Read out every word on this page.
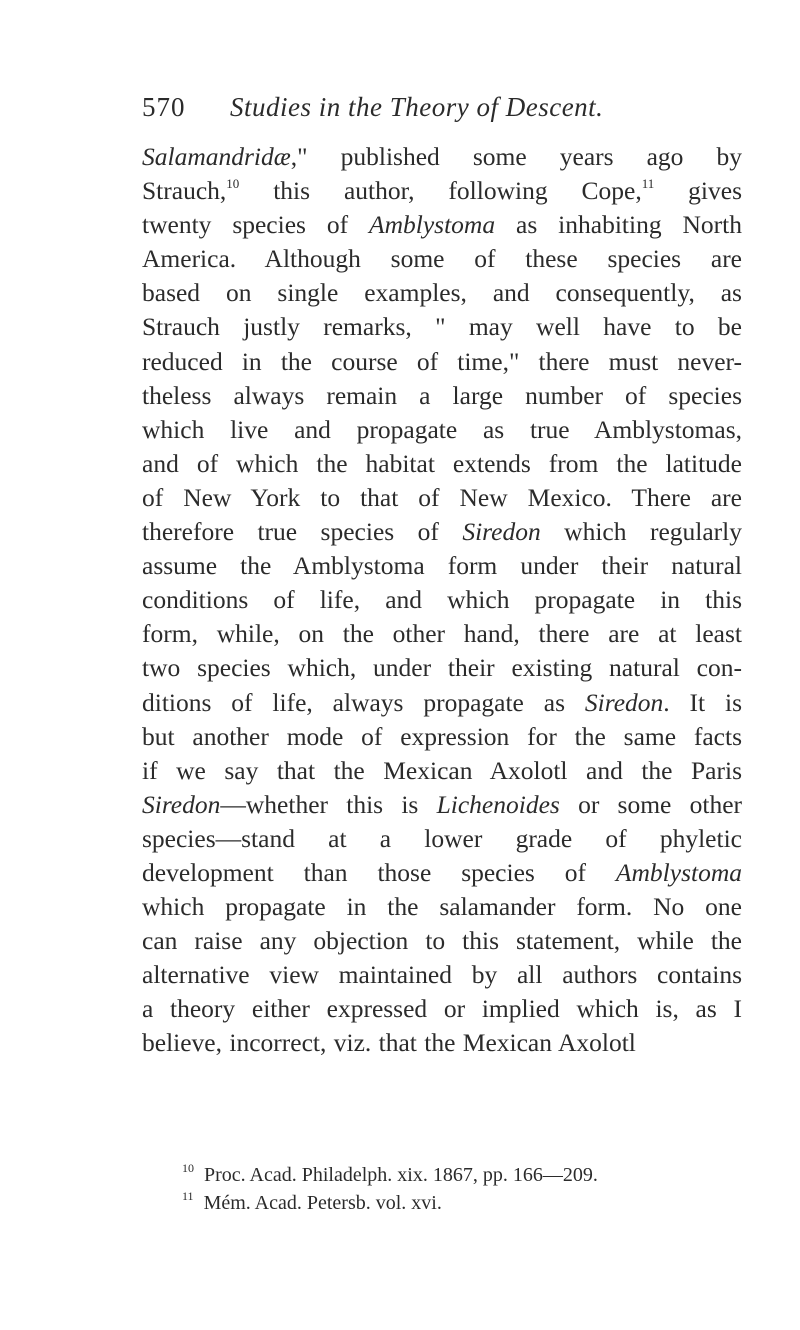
570 Studies in the Theory of Descent.
Salamandridæ," published some years ago by
Strauch,$^{10}$ this author, following Cope,$^{11}$ gives
twenty species of Amblystoma as inhabiting North
America. Although some of these species are
based on single examples, and consequently, as
Strauch justly remarks, " may well have to be
reduced in the course of time," there must never-
theless always remain a large number of species
which live and propagate as true Amblystomas,
and of which the habitat extends from the latitude
of New York to that of New Mexico. There are
therefore true species of Siredon which regularly
assume the Amblystoma form under their natural
conditions of life, and which propagate in this
form, while, on the other hand, there are at least
two species which, under their existing natural con-
ditions of life, always propagate as Siredon. It is
but another mode of expression for the same facts
if we say that the Mexican Axolotl and the Paris
Siredon—whether this is Lichenoides or some other
species—stand at a lower grade of phyletic
development than those species of Amblystoma
which propagate in the salamander form. No one
can raise any objection to this statement, while the
alternative view maintained by all authors contains
a theory either expressed or implied which is, as I
believe, incorrect, viz. that the Mexican Axolotl
$^{10}$ Proc. Acad. Philadelph. xix. 1867, pp. 166—209.
$^{11}$ Mém. Acad. Petersb. vol. xvi.
